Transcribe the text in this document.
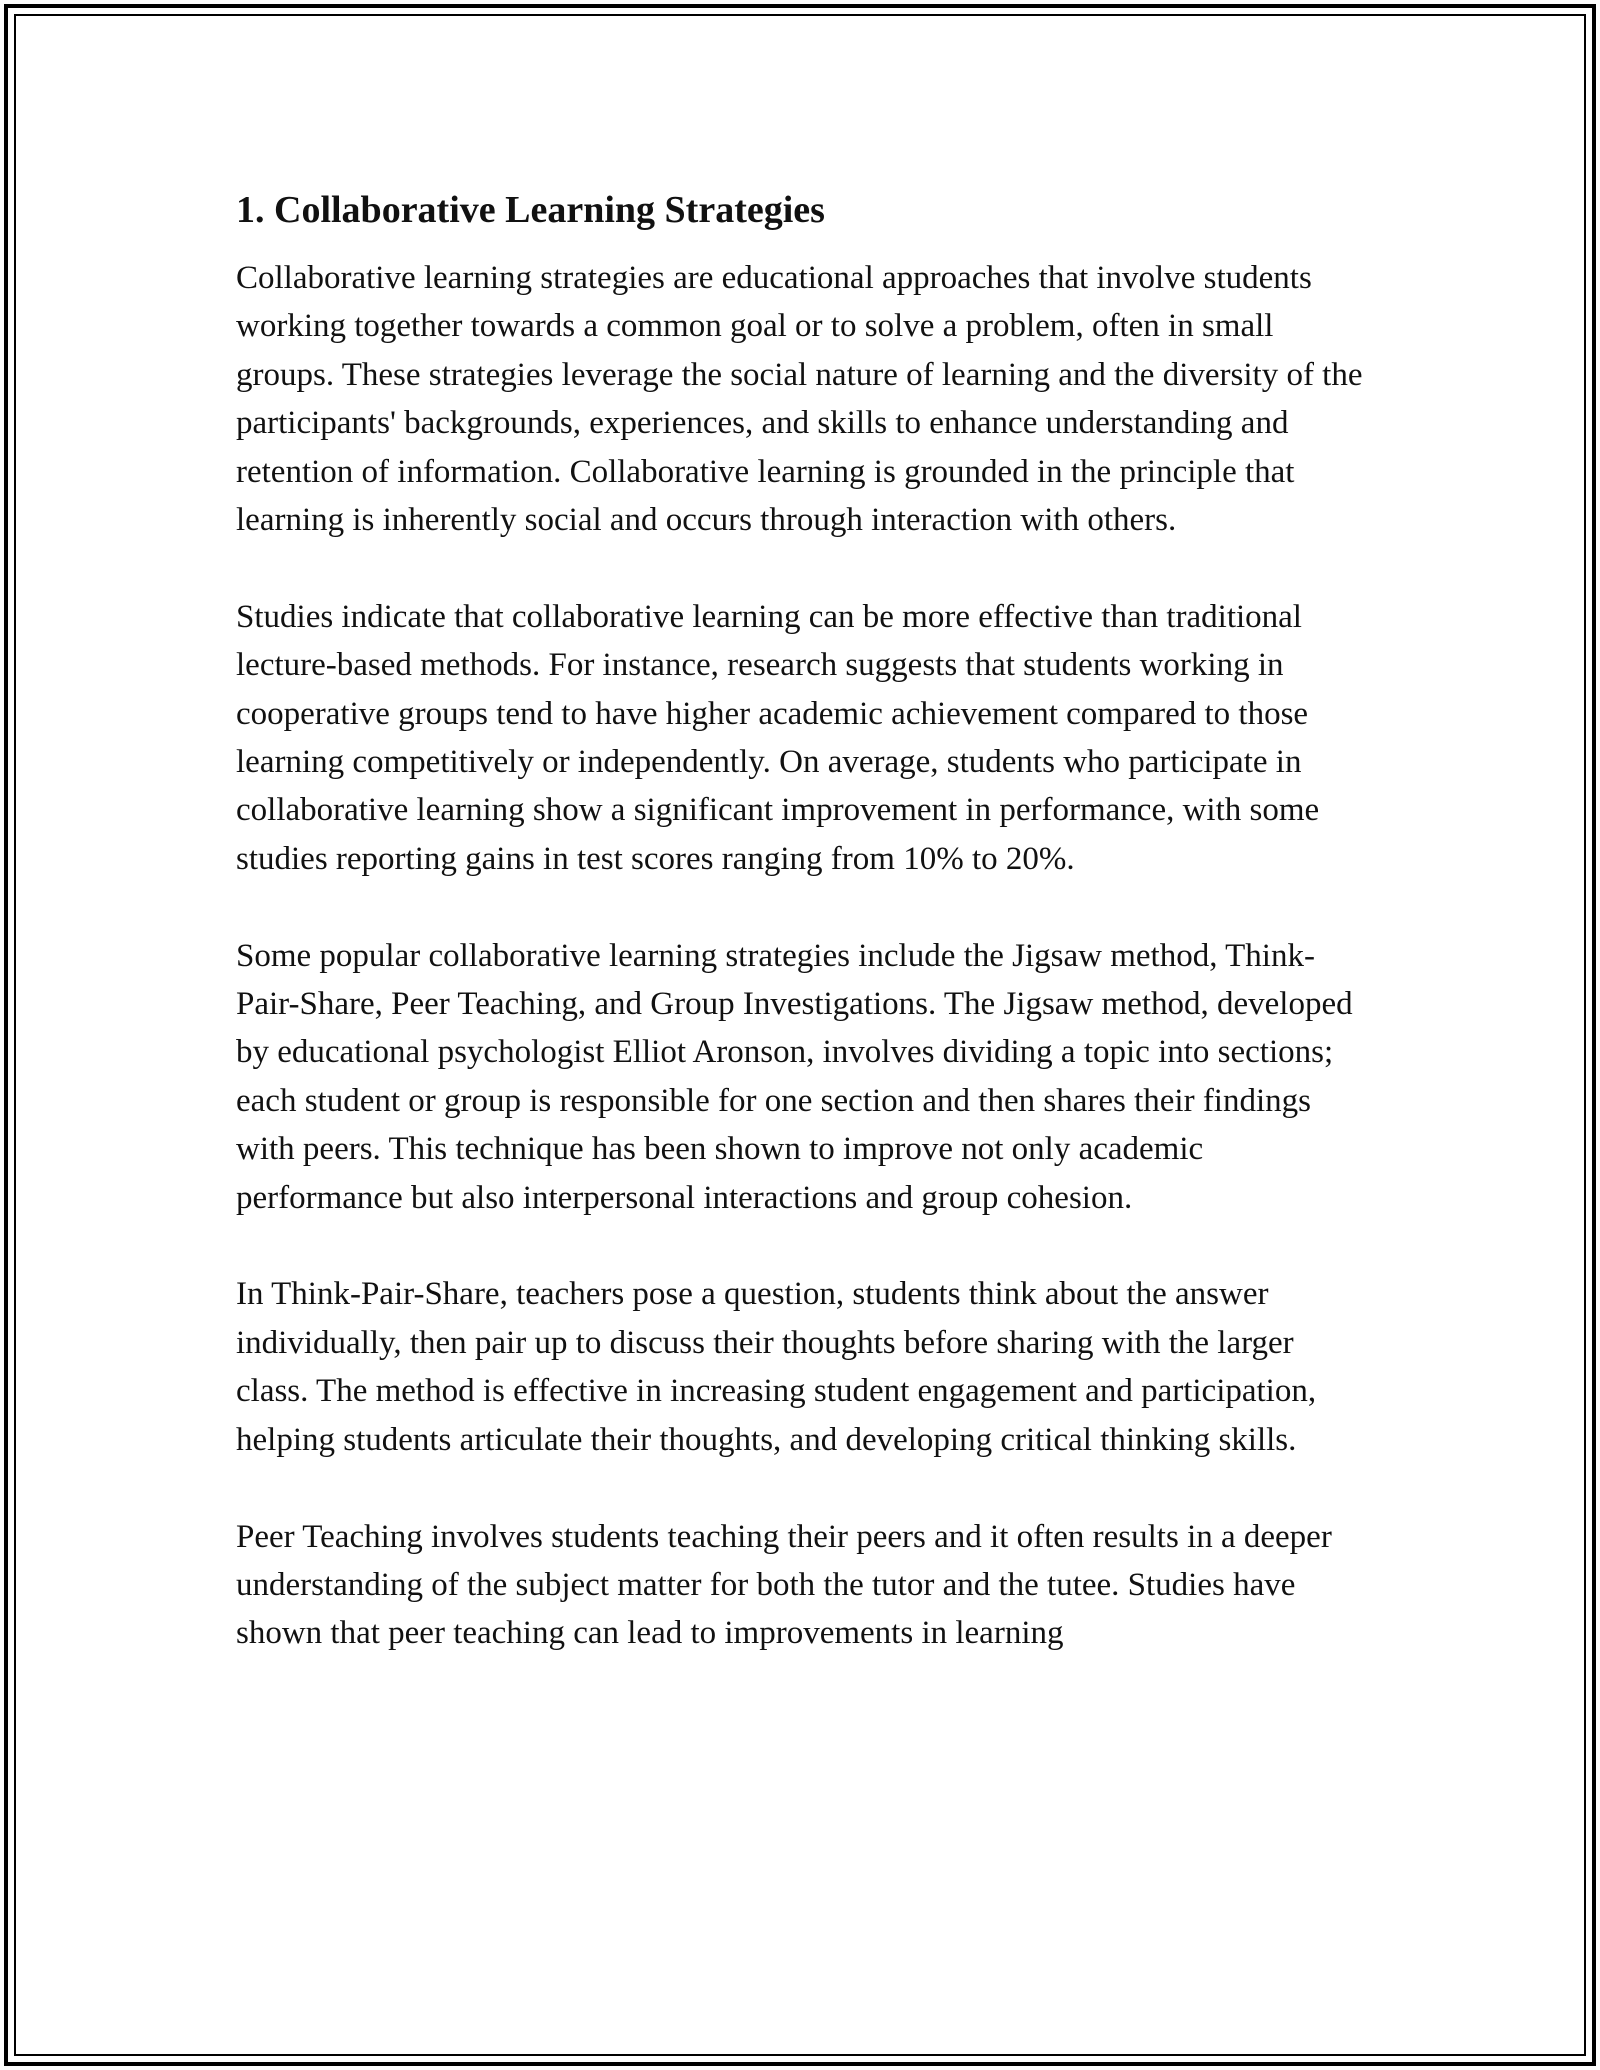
1. Collaborative Learning Strategies

Collaborative learning strategies are educational approaches that involve students working together towards a common goal or to solve a problem, often in small groups. These strategies leverage the social nature of learning and the diversity of the participants' backgrounds, experiences, and skills to enhance understanding and retention of information. Collaborative learning is grounded in the principle that learning is inherently social and occurs through interaction with others.

Studies indicate that collaborative learning can be more effective than traditional lecture-based methods. For instance, research suggests that students working in cooperative groups tend to have higher academic achievement compared to those learning competitively or independently. On average, students who participate in collaborative learning show a significant improvement in performance, with some studies reporting gains in test scores ranging from 10% to 20%.

Some popular collaborative learning strategies include the Jigsaw method, Think-Pair-Share, Peer Teaching, and Group Investigations. The Jigsaw method, developed by educational psychologist Elliot Aronson, involves dividing a topic into sections; each student or group is responsible for one section and then shares their findings with peers. This technique has been shown to improve not only academic performance but also interpersonal interactions and group cohesion.

In Think-Pair-Share, teachers pose a question, students think about the answer individually, then pair up to discuss their thoughts before sharing with the larger class. The method is effective in increasing student engagement and participation, helping students articulate their thoughts, and developing critical thinking skills.

Peer Teaching involves students teaching their peers and it often results in a deeper understanding of the subject matter for both the tutor and the tutee. Studies have shown that peer teaching can lead to improvements in learning
